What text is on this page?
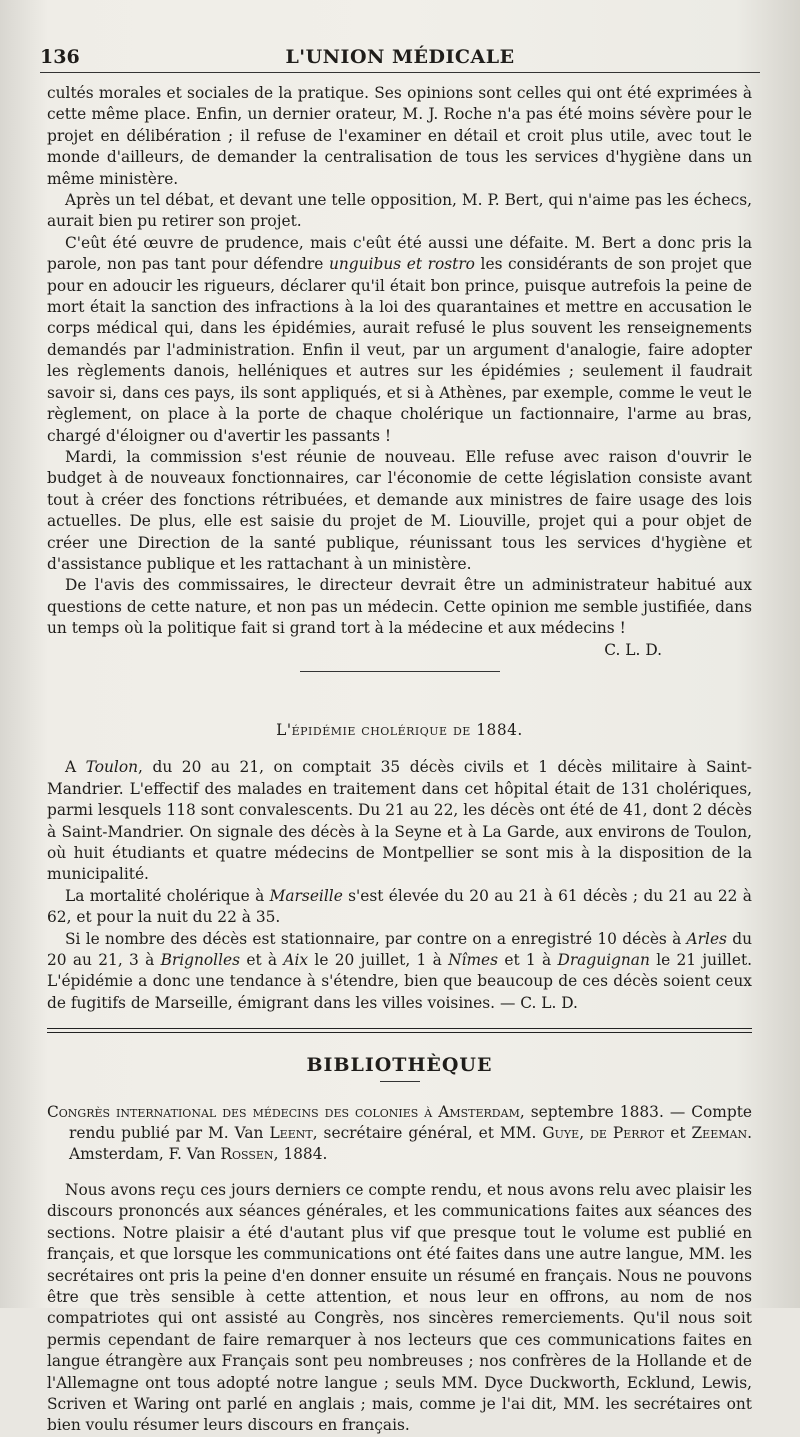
136	L'UNION MÉDICALE

cultés morales et sociales de la pratique. Ses opinions sont celles qui ont été exprimées à cette même place. Enfin, un dernier orateur, M. J. Roche n'a pas été moins sévère pour le projet en délibération ; il refuse de l'examiner en détail et croit plus utile, avec tout le monde d'ailleurs, de demander la centralisation de tous les services d'hygiène dans un même ministère.

Après un tel débat, et devant une telle opposition, M. P. Bert, qui n'aime pas les échecs, aurait bien pu retirer son projet.

C'eût été œuvre de prudence, mais c'eût été aussi une défaite. M. Bert a donc pris la parole, non pas tant pour défendre unguibus et rostro les considérants de son projet que pour en adoucir les rigueurs, déclarer qu'il était bon prince, puisque autrefois la peine de mort était la sanction des infractions à la loi des quarantaines et mettre en accusation le corps médical qui, dans les épidémies, aurait refusé le plus souvent les renseignements demandés par l'administration. Enfin il veut, par un argument d'analogie, faire adopter les règlements danois, helléniques et autres sur les épidémies ; seulement il faudrait savoir si, dans ces pays, ils sont appliqués, et si à Athènes, par exemple, comme le veut le règlement, on place à la porte de chaque cholérique un factionnaire, l'arme au bras, chargé d'éloigner ou d'avertir les passants !

Mardi, la commission s'est réunie de nouveau. Elle refuse avec raison d'ouvrir le budget à de nouveaux fonctionnaires, car l'économie de cette législation consiste avant tout à créer des fonctions rétribuées, et demande aux ministres de faire usage des lois actuelles. De plus, elle est saisie du projet de M. Liouville, projet qui a pour objet de créer une Direction de la santé publique, réunissant tous les services d'hygiène et d'assistance publique et les rattachant à un ministère.

De l'avis des commissaires, le directeur devrait être un administrateur habitué aux questions de cette nature, et non pas un médecin. Cette opinion me semble justifiée, dans un temps où la politique fait si grand tort à la médecine et aux médecins !

C. L. D.

L'épidémie cholérique de 1884.

A Toulon, du 20 au 21, on comptait 35 décès civils et 1 décès militaire à Saint-Mandrier. L'effectif des malades en traitement dans cet hôpital était de 131 cholériques, parmi lesquels 118 sont convalescents. Du 21 au 22, les décès ont été de 41, dont 2 décès à Saint-Mandrier. On signale des décès à la Seyne et à La Garde, aux environs de Toulon, où huit étudiants et quatre médecins de Montpellier se sont mis à la disposition de la municipalité.

La mortalité cholérique à Marseille s'est élevée du 20 au 21 à 61 décès ; du 21 au 22 à 62, et pour la nuit du 22 à 35.

Si le nombre des décès est stationnaire, par contre on a enregistré 10 décès à Arles du 20 au 21, 3 à Brignolles et à Aix le 20 juillet, 1 à Nîmes et 1 à Draguignan le 21 juillet. L'épidémie a donc une tendance à s'étendre, bien que beaucoup de ces décès soient ceux de fugitifs de Marseille, émigrant dans les villes voisines. — C. L. D.

BIBLIOTHÈQUE

Congrès international des médecins des colonies à Amsterdam, septembre 1883. — Compte rendu publié par M. Van Leent, secrétaire général, et MM. Guye, de Perrot et Zeeman. Amsterdam, F. Van Rossen, 1884.

Nous avons reçu ces jours derniers ce compte rendu, et nous avons relu avec plaisir les discours prononcés aux séances générales, et les communications faites aux séances des sections. Notre plaisir a été d'autant plus vif que presque tout le volume est publié en français, et que lorsque les communications ont été faites dans une autre langue, MM. les secrétaires ont pris la peine d'en donner ensuite un résumé en français. Nous ne pouvons être que très sensible à cette attention, et nous leur en offrons, au nom de nos compatriotes qui ont assisté au Congrès, nos sincères remerciements. Qu'il nous soit permis cependant de faire remarquer à nos lecteurs que ces communications faites en langue étrangère aux Français sont peu nombreuses ; nos confrères de la Hollande et de l'Allemagne ont tous adopté notre langue ; seuls MM. Dyce Duckworth, Ecklund, Lewis, Scriven et Waring ont parlé en anglais ; mais, comme je l'ai dit, MM. les secrétaires ont bien voulu résumer leurs discours en français.
